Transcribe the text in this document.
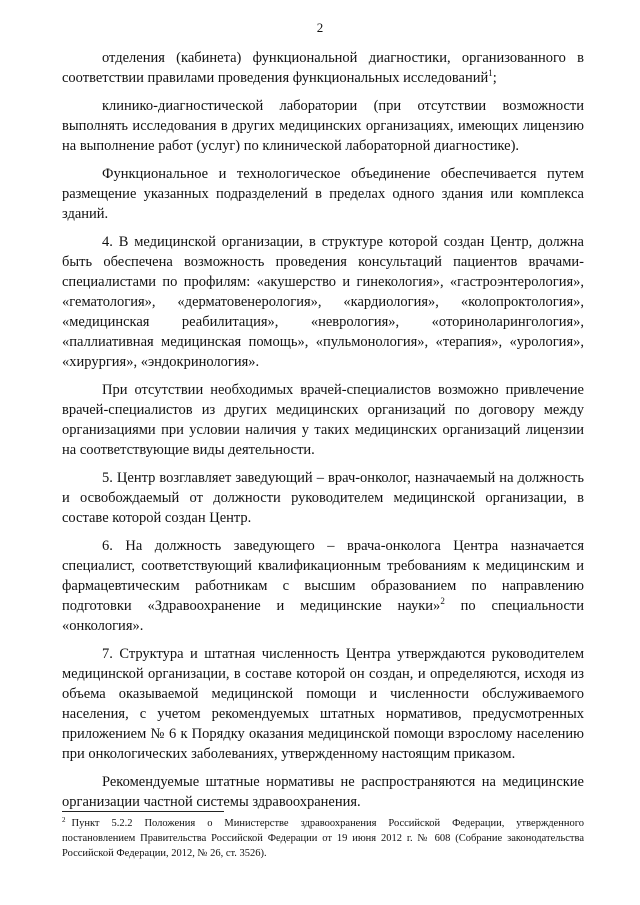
2

отделения (кабинета) функциональной диагностики, организованного в соответствии правилами проведения функциональных исследований$^1$;

клинико-диагностической лаборатории (при отсутствии возможности выполнять исследования в других медицинских организациях, имеющих лицензию на выполнение работ (услуг) по клинической лабораторной диагностике).

Функциональное и технологическое объединение обеспечивается путем размещение указанных подразделений в пределах одного здания или комплекса зданий.

4. В медицинской организации, в структуре которой создан Центр, должна быть обеспечена возможность проведения консультаций пациентов врачами-специалистами по профилям: «акушерство и гинекология», «гастроэнтерология», «гематология», «дерматовенерология», «кардиология», «колопроктология», «медицинская реабилитация», «неврология», «оториноларингология», «паллиативная медицинская помощь», «пульмонология», «терапия», «урология», «хирургия», «эндокринология».

При отсутствии необходимых врачей-специалистов возможно привлечение врачей-специалистов из других медицинских организаций по договору между организациями при условии наличия у таких медицинских организаций лицензии на соответствующие виды деятельности.

5. Центр возглавляет заведующий – врач-онколог, назначаемый на должность и освобождаемый от должности руководителем медицинской организации, в составе которой создан Центр.

6. На должность заведующего – врача-онколога Центра назначается специалист, соответствующий квалификационным требованиям к медицинским и фармацевтическим работникам с высшим образованием по направлению подготовки «Здравоохранение и медицинские науки»$^2$ по специальности «онкология».

7. Структура и штатная численность Центра утверждаются руководителем медицинской организации, в составе которой он создан, и определяются, исходя из объема оказываемой медицинской помощи и численности обслуживаемого населения, с учетом рекомендуемых штатных нормативов, предусмотренных приложением № 6 к Порядку оказания медицинской помощи взрослому населению при онкологических заболеваниях, утвержденному настоящим приказом.

Рекомендуемые штатные нормативы не распространяются на медицинские организации частной системы здравоохранения.

$^2$ Пункт 5.2.2 Положения о Министерстве здравоохранения Российской Федерации, утвержденного постановлением Правительства Российской Федерации от 19 июня 2012 г. № 608 (Собрание законодательства Российской Федерации, 2012, № 26, ст. 3526).
